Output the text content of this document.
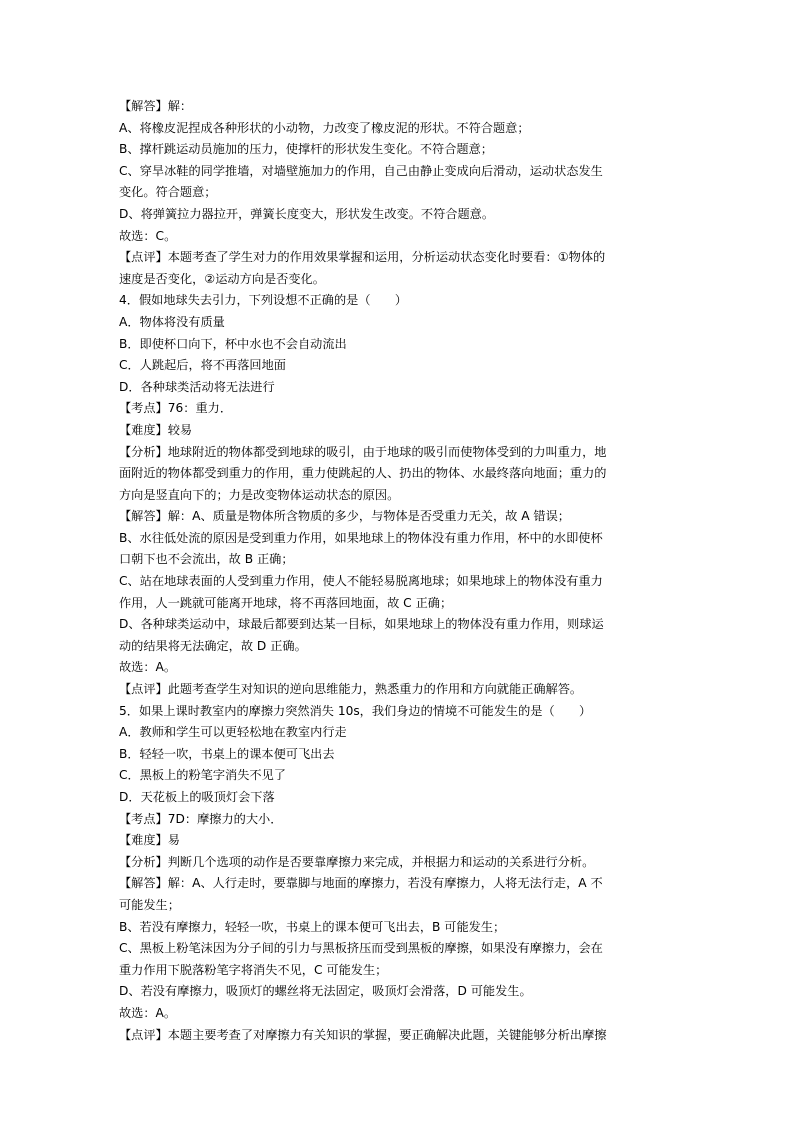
【解答】解：
A、将橡皮泥捏成各种形状的小动物，力改变了橡皮泥的形状。不符合题意；
B、撑杆跳运动员施加的压力，使撑杆的形状发生变化。不符合题意；
C、穿旱冰鞋的同学推墙，对墙壁施加力的作用，自己由静止变成向后滑动，运动状态发生
变化。符合题意；
D、将弹簧拉力器拉开，弹簧长度变大，形状发生改变。不符合题意。
故选：C。
【点评】本题考查了学生对力的作用效果掌握和运用，分析运动状态变化时要看：①物体的
速度是否变化，②运动方向是否变化。
4．假如地球失去引力，下列设想不正确的是（　　）
A．物体将没有质量
B．即使杯口向下，杯中水也不会自动流出
C．人跳起后，将不再落回地面
D．各种球类活动将无法进行
【考点】76：重力．
【难度】较易
【分析】地球附近的物体都受到地球的吸引，由于地球的吸引而使物体受到的力叫重力，地
面附近的物体都受到重力的作用，重力使跳起的人、扔出的物体、水最终落向地面；重力的
方向是竖直向下的；力是改变物体运动状态的原因。
【解答】解：A、质量是物体所含物质的多少，与物体是否受重力无关，故 A 错误；
B、水往低处流的原因是受到重力作用，如果地球上的物体没有重力作用，杯中的水即使杯
口朝下也不会流出，故 B 正确；
C、站在地球表面的人受到重力作用，使人不能轻易脱离地球；如果地球上的物体没有重力
作用，人一跳就可能离开地球，将不再落回地面，故 C 正确；
D、各种球类运动中，球最后都要到达某一目标，如果地球上的物体没有重力作用，则球运
动的结果将无法确定，故 D 正确。
故选：A。
【点评】此题考查学生对知识的逆向思维能力，熟悉重力的作用和方向就能正确解答。
5．如果上课时教室内的摩擦力突然消失 10s，我们身边的情境不可能发生的是（　　）
A．教师和学生可以更轻松地在教室内行走
B．轻轻一吹，书桌上的课本便可飞出去
C．黑板上的粉笔字消失不见了
D．天花板上的吸顶灯会下落
【考点】7D：摩擦力的大小．
【难度】易
【分析】判断几个选项的动作是否要靠摩擦力来完成，并根据力和运动的关系进行分析。
【解答】解：A、人行走时，要靠脚与地面的摩擦力，若没有摩擦力，人将无法行走，A 不
可能发生；
B、若没有摩擦力，轻轻一吹，书桌上的课本便可飞出去，B 可能发生；
C、黑板上粉笔沫因为分子间的引力与黑板挤压而受到黑板的摩擦，如果没有摩擦力，会在
重力作用下脱落粉笔字将消失不见，C 可能发生；
D、若没有摩擦力，吸顶灯的螺丝将无法固定，吸顶灯会滑落，D 可能发生。
故选：A。
【点评】本题主要考查了对摩擦力有关知识的掌握，要正确解决此题，关键能够分析出摩擦
